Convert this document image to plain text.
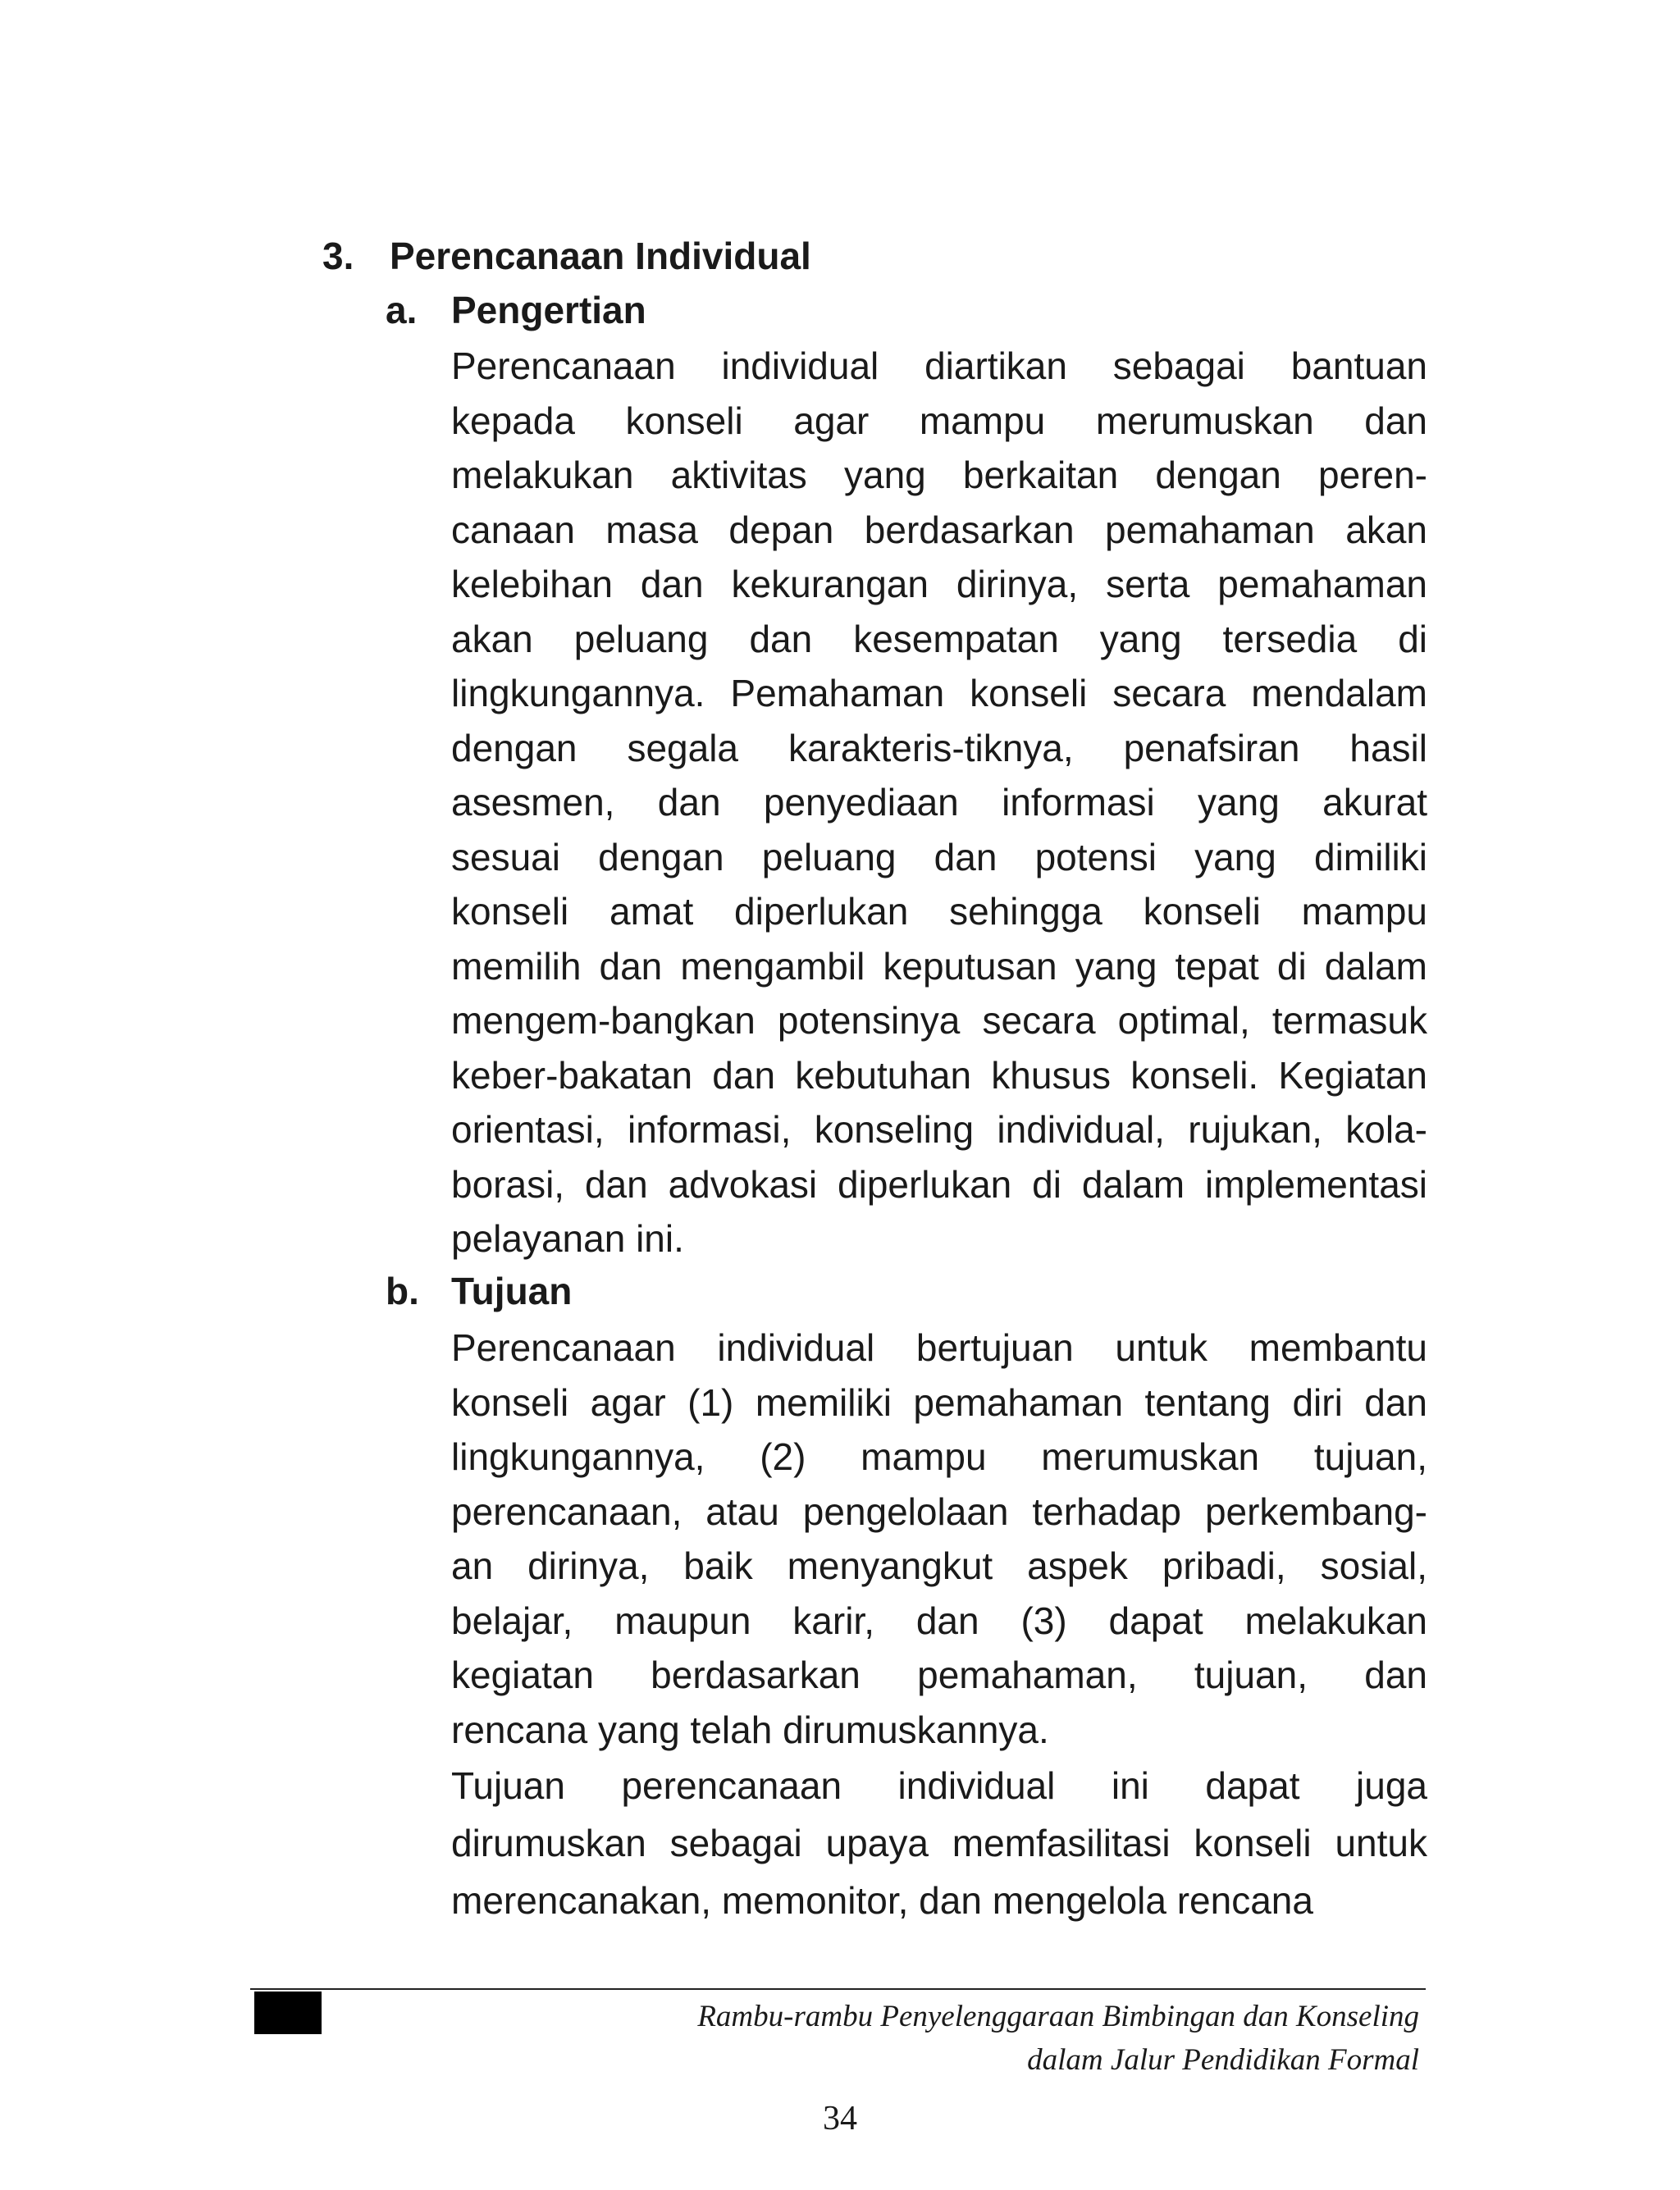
3. Perencanaan Individual
a. Pengertian

Perencanaan individual diartikan sebagai bantuan
kepada konseli agar mampu merumuskan dan
melakukan aktivitas yang berkaitan dengan peren-
canaan masa depan berdasarkan pemahaman akan
kelebihan dan kekurangan dirinya, serta pemahaman
akan peluang dan kesempatan yang tersedia di
lingkungannya. Pemahaman konseli secara mendalam
dengan segala karakteris-tiknya, penafsiran hasil
asesmen, dan penyediaan informasi yang akurat
sesuai dengan peluang dan potensi yang dimiliki
konseli amat diperlukan sehingga konseli mampu
memilih dan mengambil keputusan yang tepat di dalam
mengem-bangkan potensinya secara optimal, termasuk
keber-bakatan dan kebutuhan khusus konseli. Kegiatan
orientasi, informasi, konseling individual, rujukan, kola-
borasi, dan advokasi diperlukan di dalam implementasi
pelayanan ini.

b. Tujuan

Perencanaan individual bertujuan untuk membantu
konseli agar (1) memiliki pemahaman tentang diri dan
lingkungannya, (2) mampu merumuskan tujuan,
perencanaan, atau pengelolaan terhadap perkembang-
an dirinya, baik menyangkut aspek pribadi, sosial,
belajar, maupun karir, dan (3) dapat melakukan
kegiatan berdasarkan pemahaman, tujuan, dan
rencana yang telah dirumuskannya.

Tujuan perencanaan individual ini dapat juga
dirumuskan sebagai upaya memfasilitasi konseli untuk
merencanakan, memonitor, dan mengelola rencana

Rambu-rambu Penyelenggaraan Bimbingan dan Konseling
dalam Jalur Pendidikan Formal

34
